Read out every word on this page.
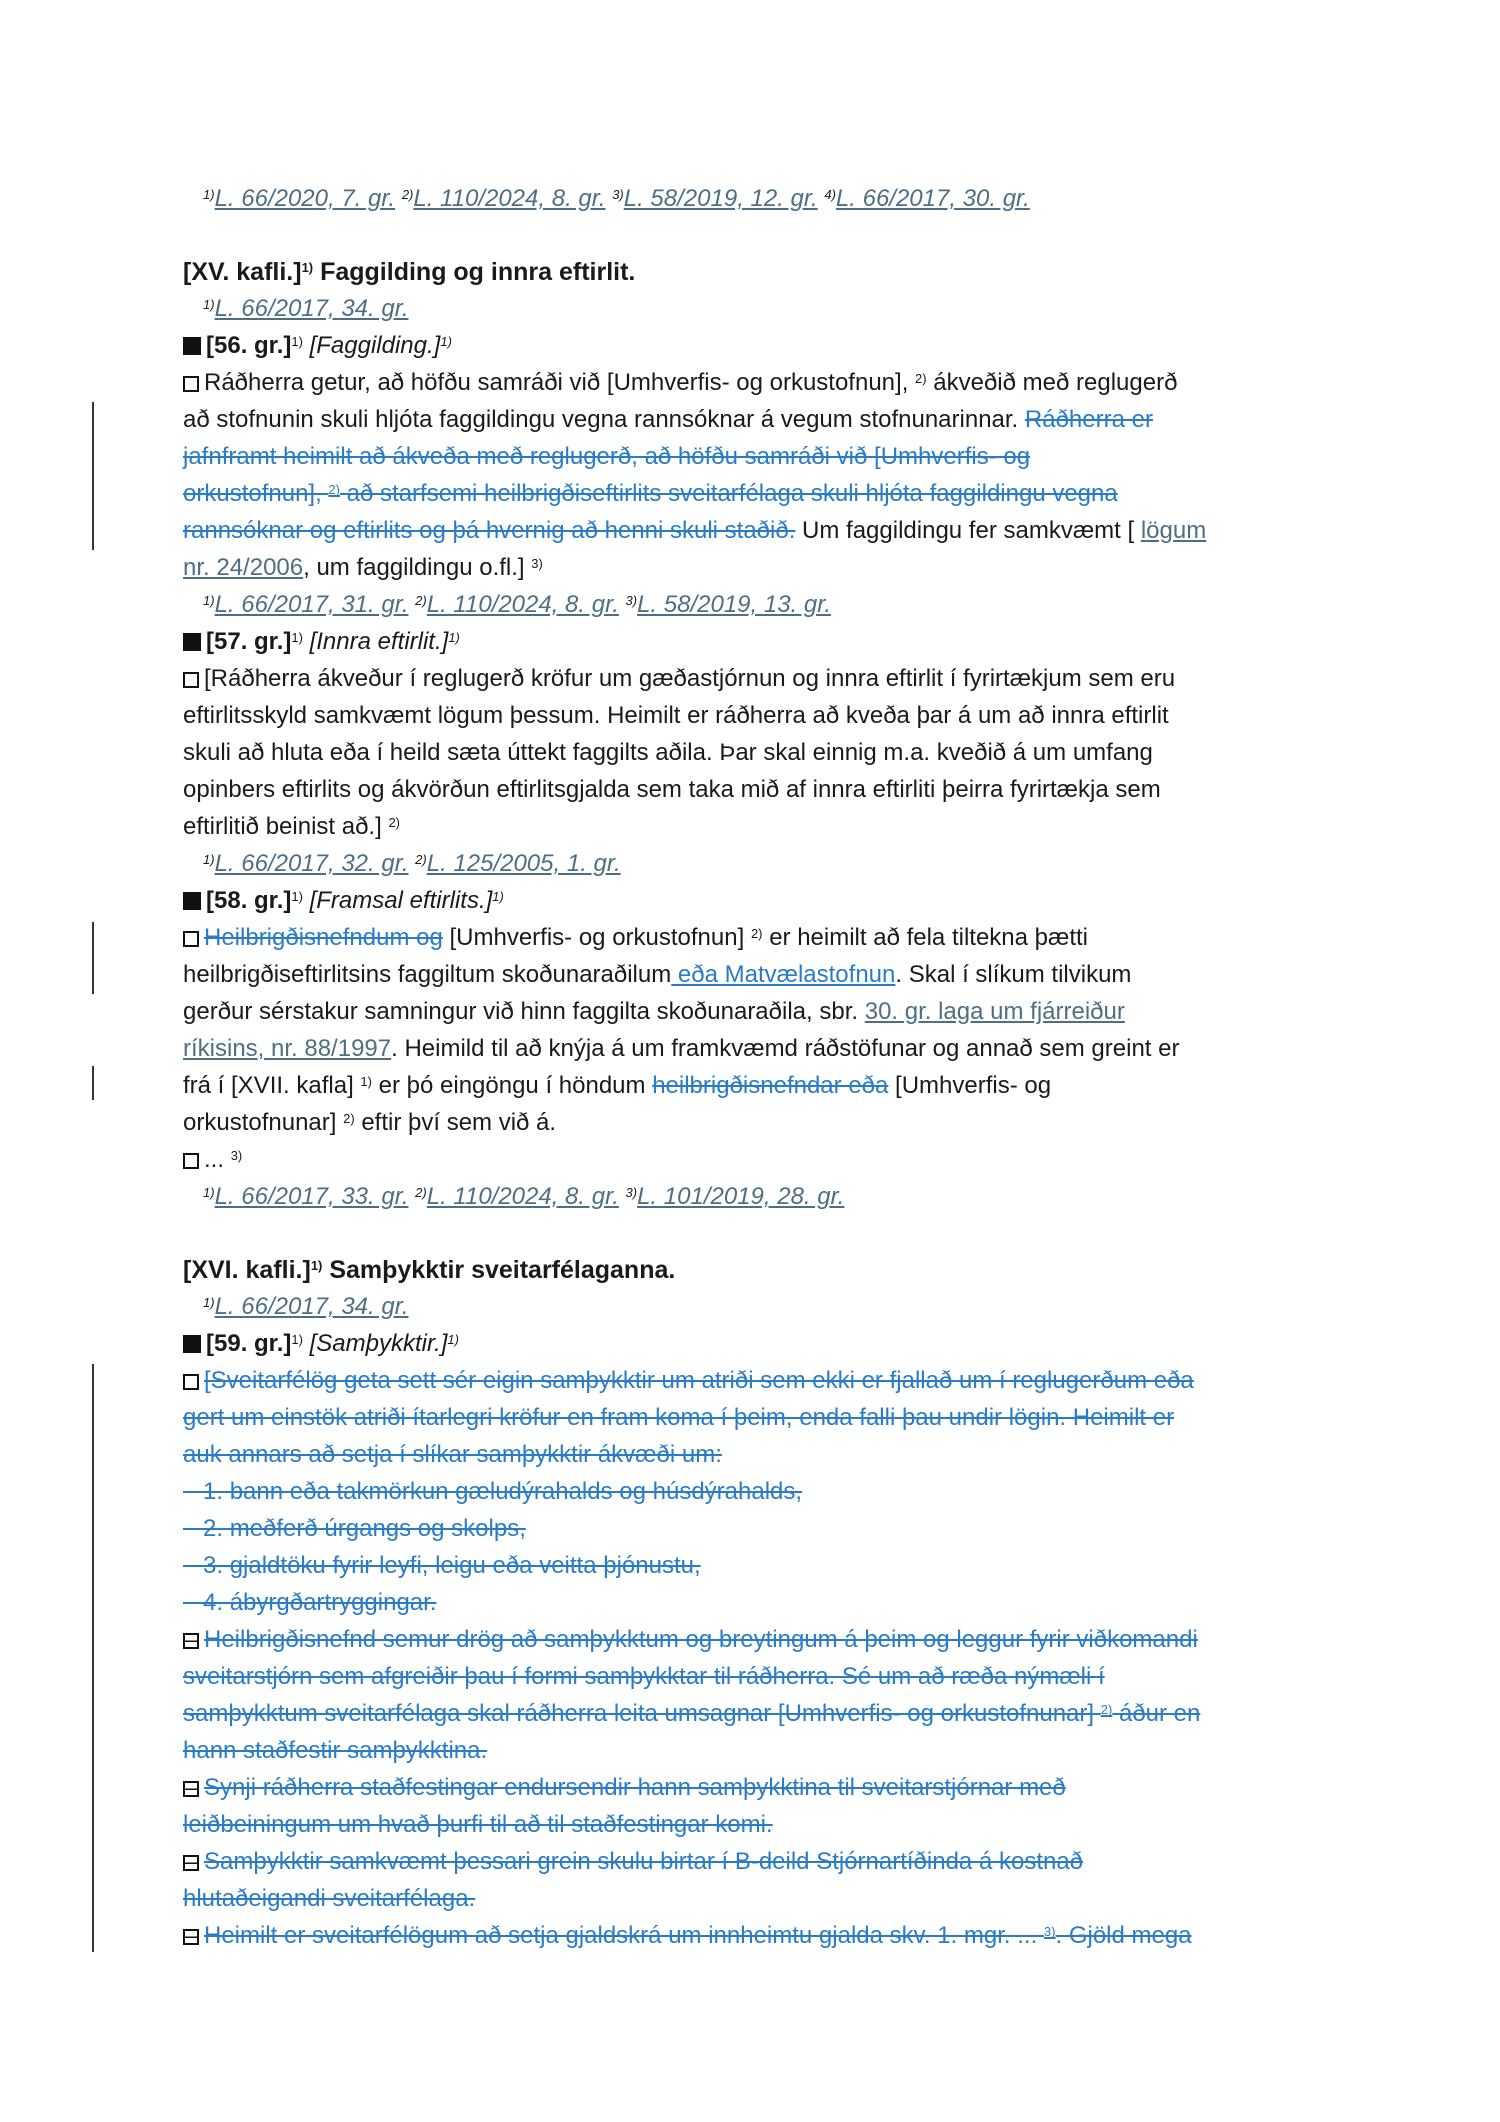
$^{1)}$L. 66/2020, 7. gr. $^{2)}$L. 110/2024, 8. gr. $^{3)}$L. 58/2019, 12. gr. $^{4)}$L. 66/2017, 30. gr.
[XV. kafli.]$^{1)}$ Faggilding og innra eftirlit.
$^{1)}$L. 66/2017, 34. gr.
[56. gr.]$^{1)}$ [Faggilding.]$^{1)}$
Ráðherra getur, að höfðu samráði við [Umhverfis- og orkustofnun], $^{2)}$ ákveðið með reglugerð
að stofnunin skuli hljóta faggildingu vegna rannsóknar á vegum stofnunarinnar. Ráðherra er
jafnframt heimilt að ákveða með reglugerð, að höfðu samráði við [Umhverfis- og
orkustofnun], $^{2)}$ að starfsemi heilbrigðiseftirlits sveitarfélaga skuli hljóta faggildingu vegna
rannsóknar og eftirlits og þá hvernig að henni skuli staðið. Um faggildingu fer samkvæmt [ lögum
nr. 24/2006, um faggildingu o.fl.] $^{3)}$
$^{1)}$L. 66/2017, 31. gr. $^{2)}$L. 110/2024, 8. gr. $^{3)}$L. 58/2019, 13. gr.
[57. gr.]$^{1)}$ [Innra eftirlit.]$^{1)}$
[Ráðherra ákveður í reglugerð kröfur um gæðastjórnun og innra eftirlit í fyrirtækjum sem eru
eftirlitsskyld samkvæmt lögum þessum. Heimilt er ráðherra að kveða þar á um að innra eftirlit
skuli að hluta eða í heild sæta úttekt faggilts aðila. Þar skal einnig m.a. kveðið á um umfang
opinbers eftirlits og ákvörðun eftirlitsgjalda sem taka mið af innra eftirliti þeirra fyrirtækja sem
eftirlitið beinist að.] $^{2)}$
$^{1)}$L. 66/2017, 32. gr. $^{2)}$L. 125/2005, 1. gr.
[58. gr.]$^{1)}$ [Framsal eftirlits.]$^{1)}$
Heilbrigðisnefndum og [Umhverfis- og orkustofnun] $^{2)}$ er heimilt að fela tiltekna þætti
heilbrigðiseftirlitsins faggiltum skoðunaraðilum eða Matvælastofnun. Skal í slíkum tilvikum
gerður sérstakur samningur við hinn faggilta skoðunaraðila, sbr. 30. gr. laga um fjárreiður
ríkisins, nr. 88/1997. Heimild til að knýja á um framkvæmd ráðstöfunar og annað sem greint er
frá í [XVII. kafla] $^{1)}$ er þó eingöngu í höndum heilbrigðisnefndar eða [Umhverfis- og
orkustofnunar] $^{2)}$ eftir því sem við á.
... $^{3)}$
$^{1)}$L. 66/2017, 33. gr. $^{2)}$L. 110/2024, 8. gr. $^{3)}$L. 101/2019, 28. gr.
[XVI. kafli.]$^{1)}$ Samþykktir sveitarfélaganna.
$^{1)}$L. 66/2017, 34. gr.
[59. gr.]$^{1)}$ [Samþykktir.]$^{1)}$
[Sveitarfélög geta sett sér eigin samþykktir um atriði sem ekki er fjallað um í reglugerðum eða
gert um einstök atriði ítarlegri kröfur en fram koma í þeim, enda falli þau undir lögin. Heimilt er
auk annars að setja í slíkar samþykktir ákvæði um:
1. bann eða takmörkun gæludýrahalds og húsdýrahalds,
2. meðferð úrgangs og skolps,
3. gjaldtöku fyrir leyfi, leigu eða veitta þjónustu,
4. ábyrgðartryggingar.
Heilbrigðisnefnd semur drög að samþykktum og breytingum á þeim og leggur fyrir viðkomandi
sveitarstjórn sem afgreiðir þau í formi samþykktar til ráðherra. Sé um að ræða nýmæli í
samþykktum sveitarfélaga skal ráðherra leita umsagnar [Umhverfis- og orkustofnunar] $^{2)}$ áður en
hann staðfestir samþykktina.
Synji ráðherra staðfestingar endursendir hann samþykktina til sveitarstjórnar með
leiðbeiningum um hvað þurfi til að til staðfestingar komi.
Samþykktir samkvæmt þessari grein skulu birtar í B-deild Stjórnartíðinda á kostnað
hlutaðeigandi sveitarfélaga.
Heimilt er sveitarfélögum að setja gjaldskrá um innheimtu gjalda skv. 1. mgr. ... $^{3)}$. Gjöld mega
